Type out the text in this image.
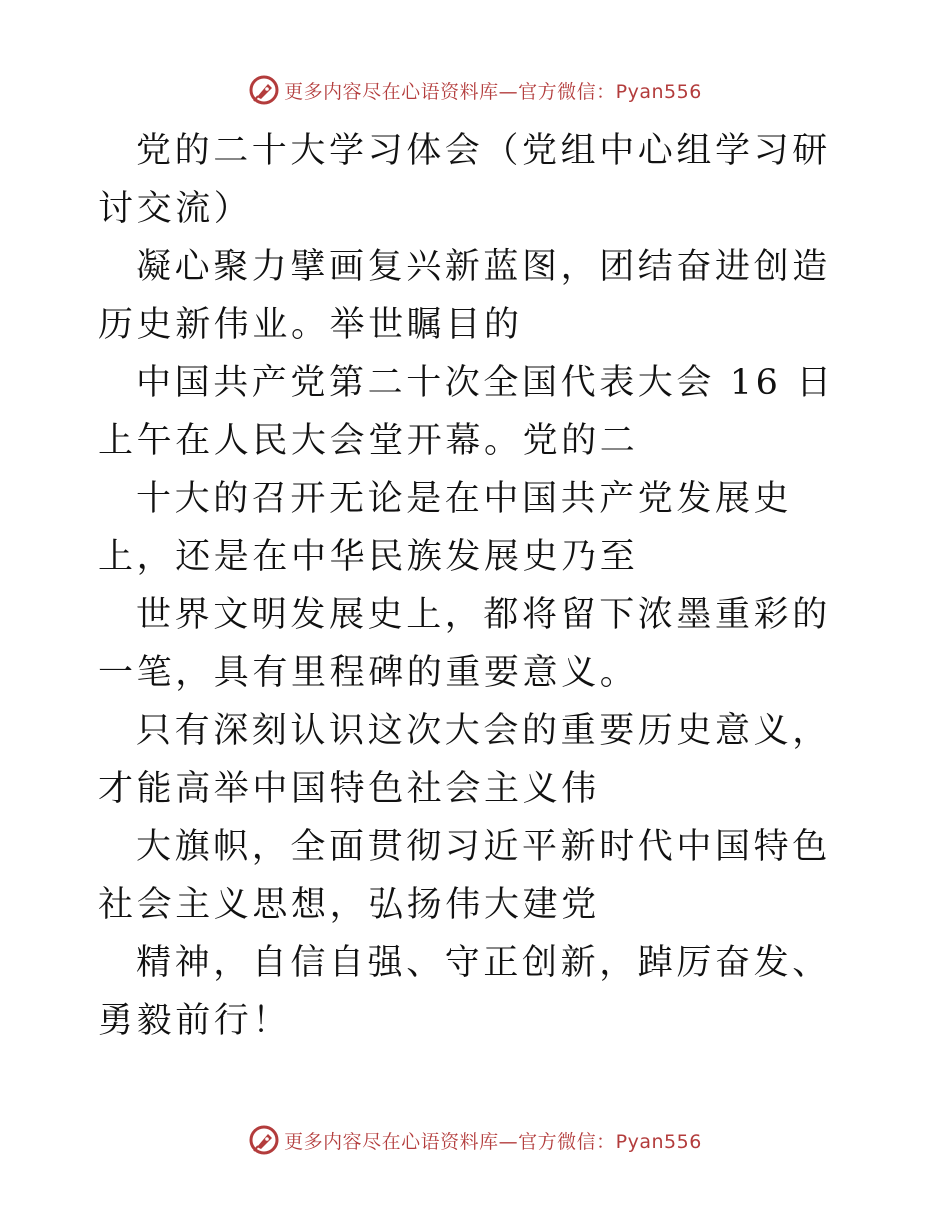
更多内容尽在心语资料库—官方微信：Pyan556

党的二十大学习体会（党组中心组学习研讨交流）

凝心聚力擘画复兴新蓝图，团结奋进创造历史新伟业。举世瞩目的

中国共产党第二十次全国代表大会 16 日上午在人民大会堂开幕。党的二

十大的召开无论是在中国共产党发展史上，还是在中华民族发展史乃至

世界文明发展史上，都将留下浓墨重彩的一笔，具有里程碑的重要意义。

只有深刻认识这次大会的重要历史意义，才能高举中国特色社会主义伟

大旗帜，全面贯彻习近平新时代中国特色社会主义思想，弘扬伟大建党

精神，自信自强、守正创新，踔厉奋发、勇毅前行！

更多内容尽在心语资料库—官方微信：Pyan556
